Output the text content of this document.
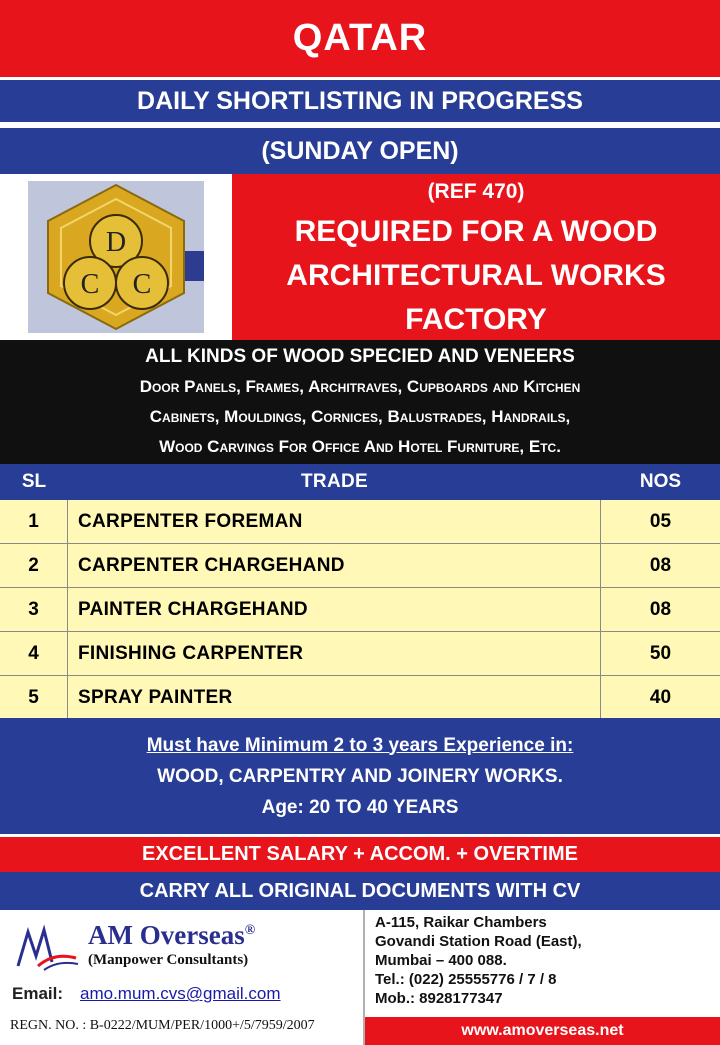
QATAR
DAILY SHORTLISTING IN PROGRESS
(SUNDAY OPEN)
D
C C
(REF 470)
REQUIRED FOR A WOOD
ARCHITECTURAL WORKS
FACTORY
ALL KINDS OF WOOD SPECIED AND VENEERS
Door Panels, Frames, Architraves, Cupboards and Kitchen
Cabinets, Mouldings, Cornices, Balustrades, Handrails,
Wood Carvings For Office And Hotel Furniture, Etc.
SL	TRADE	NOS
1	CARPENTER FOREMAN	05
2	CARPENTER CHARGEHAND	08
3	PAINTER CHARGEHAND	08
4	FINISHING CARPENTER	50
5	SPRAY PAINTER	40
Must have Minimum 2 to 3 years Experience in:
WOOD, CARPENTRY AND JOINERY WORKS.
Age: 20 TO 40 YEARS
EXCELLENT SALARY + ACCOM. + OVERTIME
CARRY ALL ORIGINAL DOCUMENTS WITH CV
AM Overseas®
(Manpower Consultants)
Email: amo.mum.cvs@gmail.com
REGN. NO. : B-0222/MUM/PER/1000+/5/7959/2007
A-115, Raikar Chambers
Govandi Station Road (East),
Mumbai – 400 088.
Tel.: (022) 25555776 / 7 / 8
Mob.: 8928177347
www.amoverseas.net
